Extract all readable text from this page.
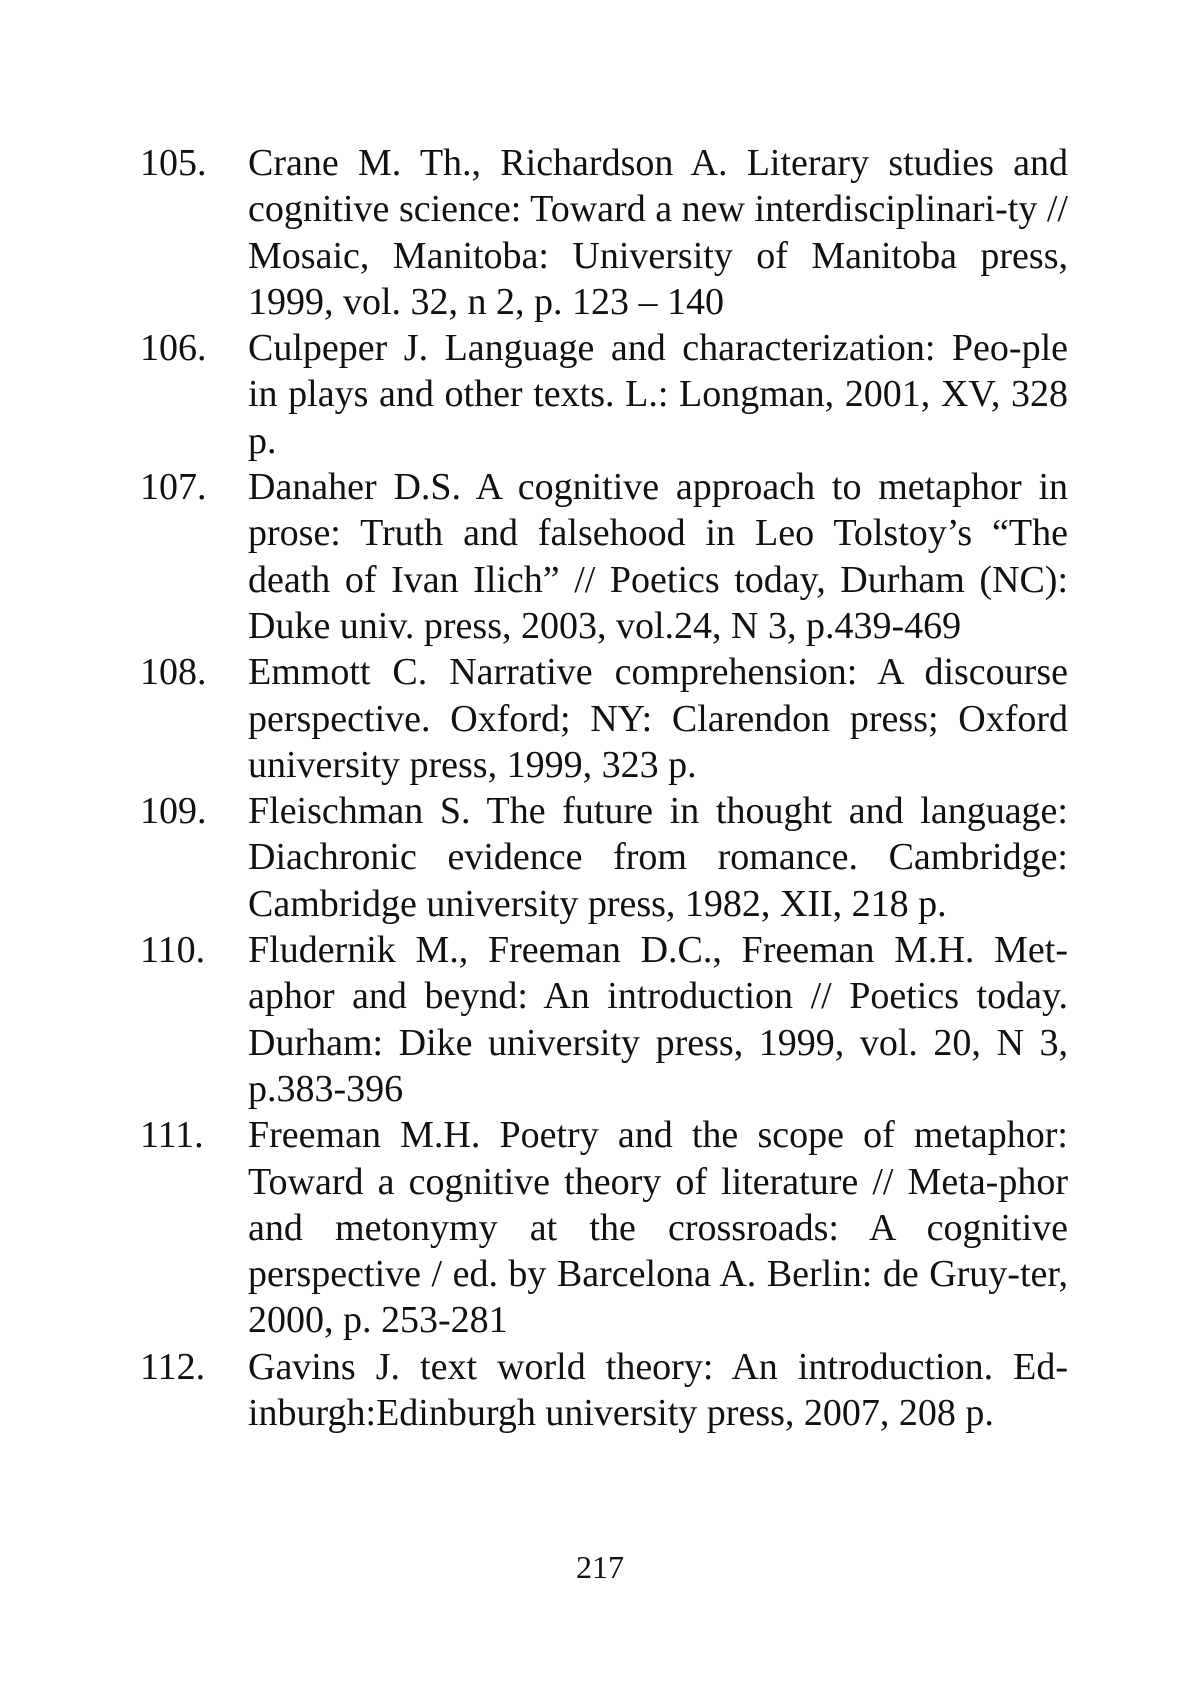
105.	Crane M. Th., Richardson A. Literary studies and cognitive science: Toward a new interdisciplinari-ty // Mosaic, Manitoba: University of Manitoba press, 1999, vol. 32, n 2, p. 123 – 140
106.	Culpeper J. Language and characterization: Peo-ple in plays and other texts. L.: Longman, 2001, XV, 328 p.
107.	Danaher D.S. A cognitive approach to metaphor in prose: Truth and falsehood in Leo Tolstoy’s “The death of Ivan Ilich” // Poetics today, Durham (NC): Duke univ. press, 2003, vol.24, N 3, p.439-469
108.	Emmott C. Narrative comprehension: A discourse perspective. Oxford; NY: Clarendon press; Oxford university press, 1999, 323 p.
109.	Fleischman S. The future in thought and language: Diachronic evidence from romance. Cambridge: Cambridge university press, 1982, XII, 218 p.
110.	Fludernik M., Freeman D.C., Freeman M.H. Met-aphor and beynd: An introduction // Poetics today. Durham: Dike university press, 1999, vol. 20, N 3, p.383-396
111.	Freeman M.H. Poetry and the scope of metaphor: Toward a cognitive theory of literature // Meta-phor and metonymy at the crossroads: A cognitive perspective / ed. by Barcelona A. Berlin: de Gruy-ter, 2000, p. 253-281
112.	Gavins J. text world theory: An introduction. Ed-inburgh:Edinburgh university press, 2007, 208 p.
217
